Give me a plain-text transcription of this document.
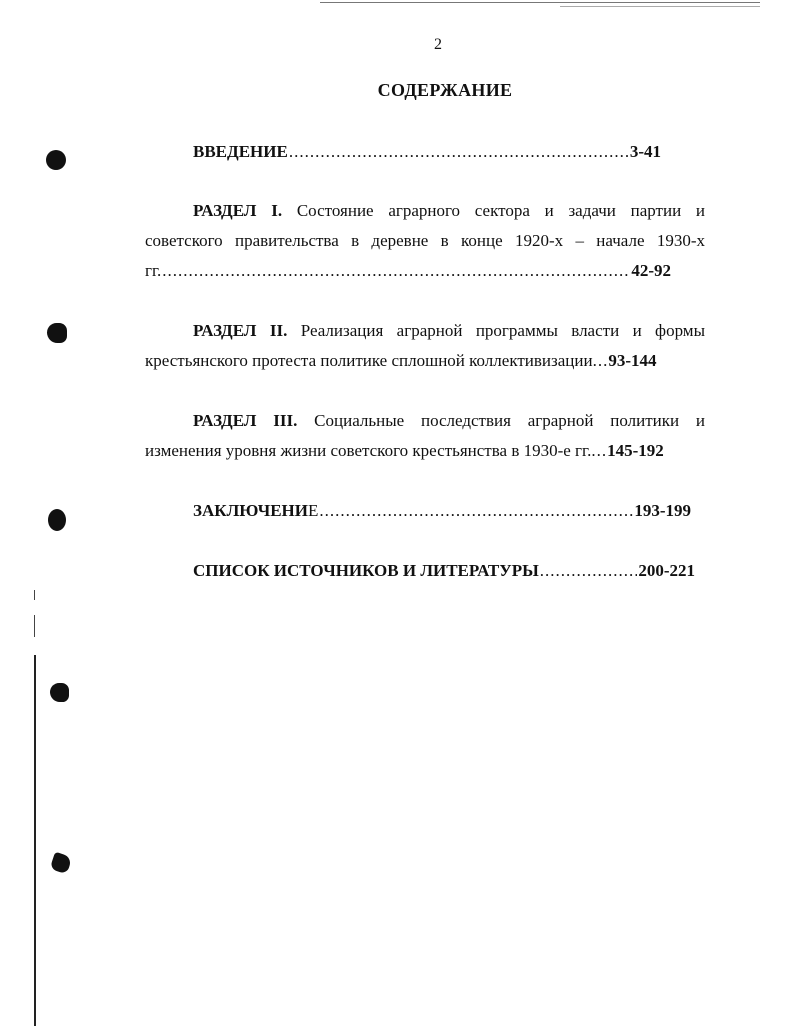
2
СОДЕРЖАНИЕ
ВВЕДЕНИЕ .....	3-41
РАЗДЕЛ I. Состояние аграрного сектора и задачи партии и
советского правительства в деревне в конце 1920-х – начале 1930-х
гг. .....	42-92
РАЗДЕЛ II. Реализация аграрной программы власти и формы
крестьянского протеста политике сплошной коллективизации ... 93-144
РАЗДЕЛ III. Социальные последствия аграрной политики и
изменения уровня жизни советского крестьянства в 1930-е гг. ... 145-192
ЗАКЛЮЧЕНИ Е .....	193-199
СПИСОК ИСТОЧНИКОВ И ЛИТЕРАТУРЫ .....	200-221
